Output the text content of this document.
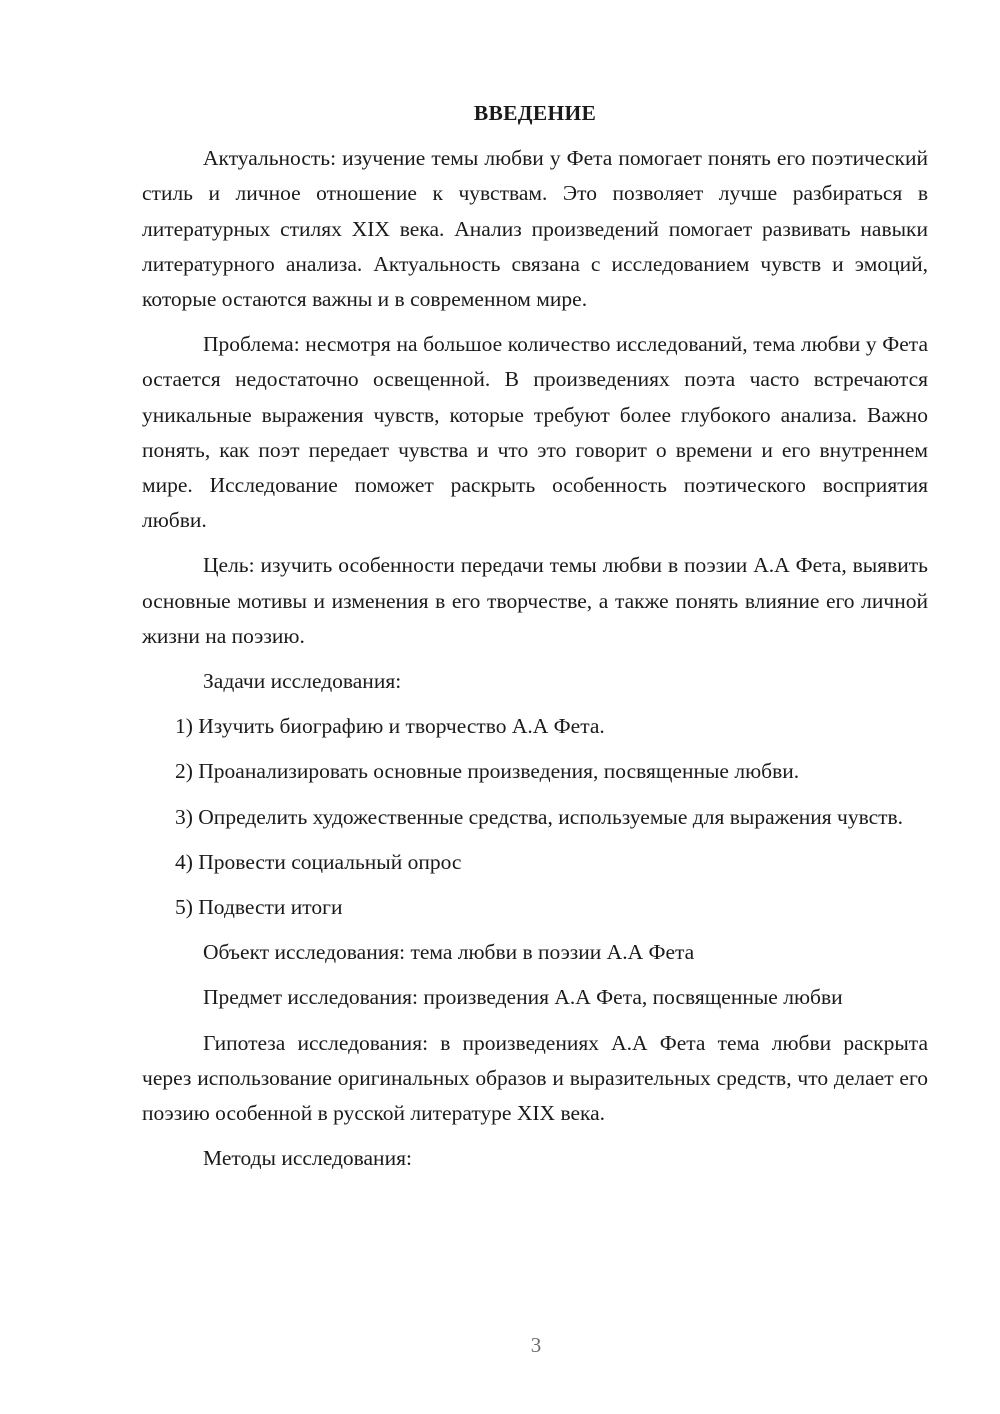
ВВЕДЕНИЕ

Актуальность: изучение темы любви у Фета помогает понять его поэтический стиль и личное отношение к чувствам. Это позволяет лучше разбираться в литературных стилях XIX века. Анализ произведений помогает развивать навыки литературного анализа. Актуальность связана с исследованием чувств и эмоций, которые остаются важны и в современном мире.

Проблема: несмотря на большое количество исследований, тема любви у Фета остается недостаточно освещенной. В произведениях поэта часто встречаются уникальные выражения чувств, которые требуют более глубокого анализа. Важно понять, как поэт передает чувства и что это говорит о времени и его внутреннем мире. Исследование поможет раскрыть особенность поэтического восприятия любви.

Цель: изучить особенности передачи темы любви в поэзии А.А Фета, выявить основные мотивы и изменения в его творчестве, а также понять влияние его личной жизни на поэзию.

Задачи исследования:

1) Изучить биографию и творчество А.А Фета.

2) Проанализировать основные произведения, посвященные любви.

3) Определить художественные средства, используемые для выражения чувств.

4) Провести социальный опрос

5) Подвести итоги

Объект исследования: тема любви в поэзии А.А Фета

Предмет исследования: произведения А.А Фета, посвященные любви

Гипотеза исследования: в произведениях А.А Фета тема любви раскрыта через использование оригинальных образов и выразительных средств, что делает его поэзию особенной в русской литературе XIX века.

Методы исследования:

3
